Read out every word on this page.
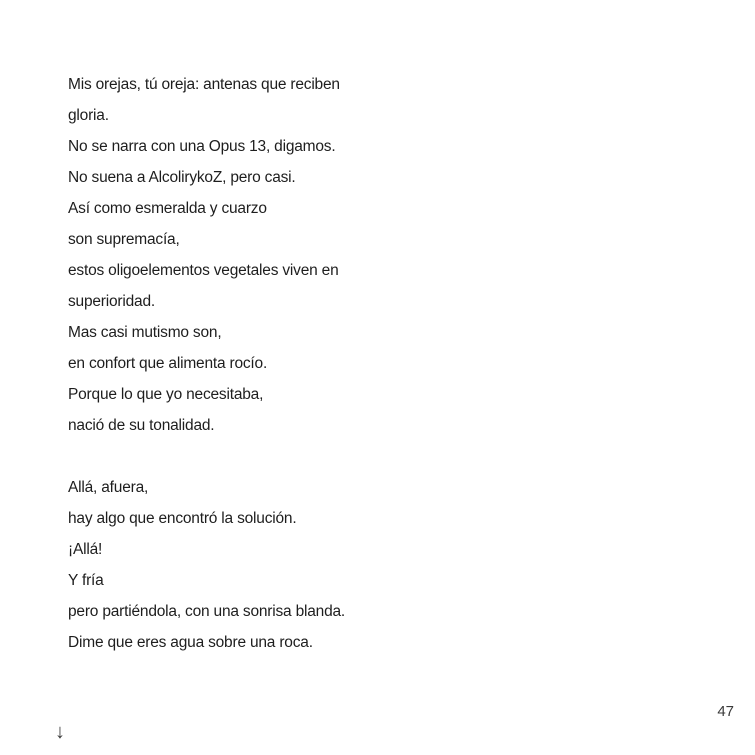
Mis orejas, tú oreja: antenas que reciben
gloria.
No se narra con una Opus 13, digamos.
No suena a AlcolirykoZ, pero casi.
Así como esmeralda y cuarzo
son supremacía,
estos oligoelementos vegetales viven en
superioridad.
Mas casi mutismo son,
en confort que alimenta rocío.
Porque lo que yo necesitaba,
nació de su tonalidad.
Allá, afuera,
hay algo que encontró la solución.
¡Allá!
Y fría
pero partiéndola, con una sonrisa blanda.
Dime que eres agua sobre una roca.
47
↓
